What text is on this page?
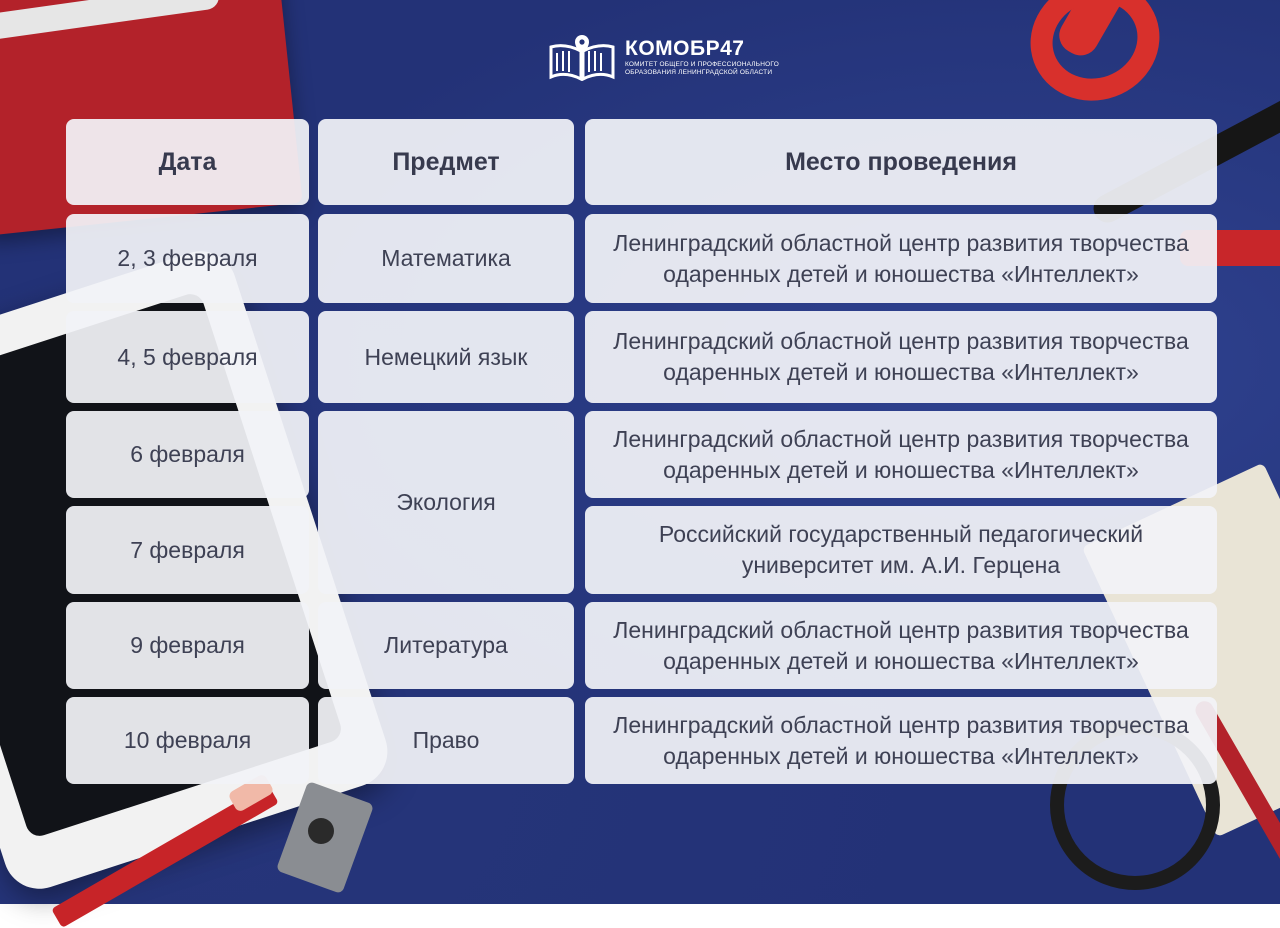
КОМОБР47
КОМИТЕТ ОБЩЕГО И ПРОФЕССИОНАЛЬНОГО
ОБРАЗОВАНИЯ ЛЕНИНГРАДСКОЙ ОБЛАСТИ
Дата	Предмет	Место проведения
2, 3 февраля
4, 5 февраля
6 февраля
7 февраля
9 февраля
10 февраля
Математика
Немецкий язык
Экология
Литература
Право
Ленинградский областной центр развития творчества одаренных детей и юношества «Интеллект»
Ленинградский областной центр развития творчества одаренных детей и юношества «Интеллект»
Ленинградский областной центр развития творчества одаренных детей и юношества «Интеллект»
Российский государственный педагогический университет им. А.И. Герцена
Ленинградский областной центр развития творчества одаренных детей и юношества «Интеллект»
Ленинградский областной центр развития творчества одаренных детей и юношества «Интеллект»
